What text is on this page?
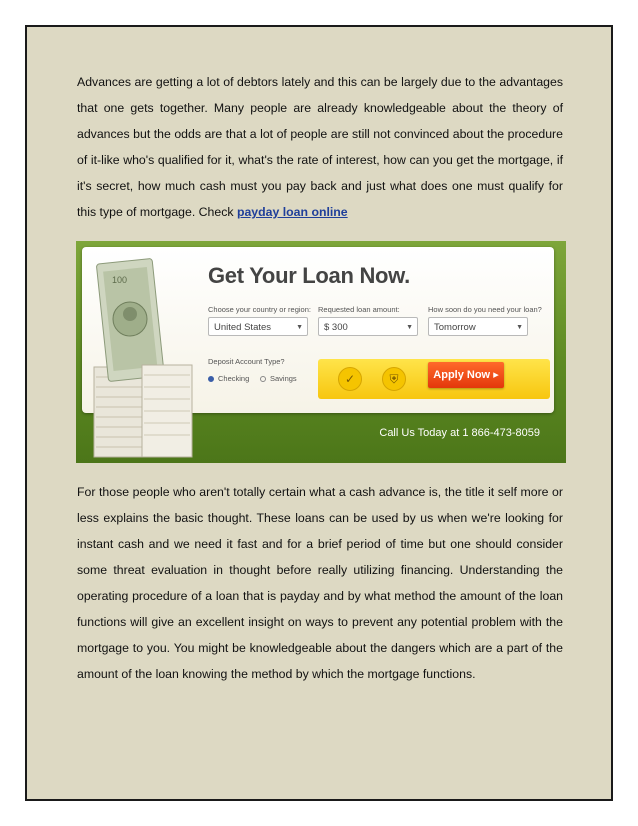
Advances are getting a lot of debtors lately and this can be largely due to the advantages that one gets together. Many people are already knowledgeable about the theory of advances but the odds are that a lot of people are still not convinced about the procedure of it-like who's qualified for it, what's the rate of interest, how can you get the mortgage, if it's secret, how much cash must you pay back and just what does one must qualify for this type of mortgage. Check payday loan online

100	Get Your Loan Now.
Choose your country or region:
United States	▼
Requested loan amount:
$ 300	▼
How soon do you need your loan?
Tomorrow	▼
Deposit Account Type?
Checking	Savings	✓	⛨	Apply Now ▸
Call Us Today at 1 866-473-8059

For those people who aren't totally certain what a cash advance is, the title it self more or less explains the basic thought. These loans can be used by us when we're looking for instant cash and we need it fast and for a brief period of time but one should consider some threat evaluation in thought before really utilizing financing. Understanding the operating procedure of a loan that is payday and by what method the amount of the loan functions will give an excellent insight on ways to prevent any potential problem with the mortgage to you. You might be knowledgeable about the dangers which are a part of the amount of the loan knowing the method by which the mortgage functions.
